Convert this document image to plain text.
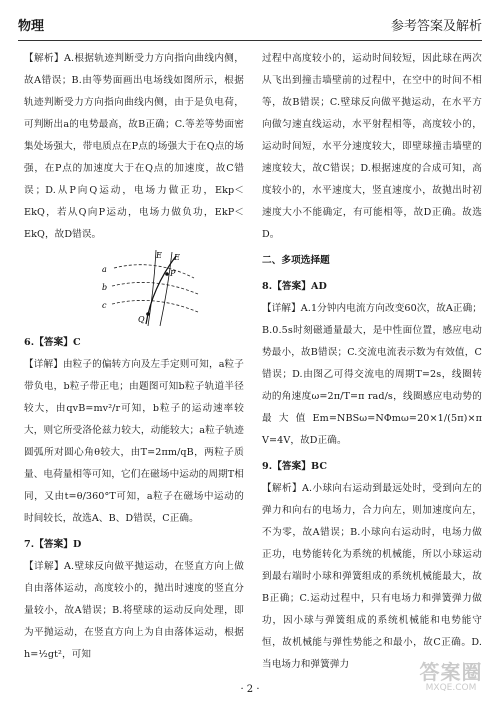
物理	参考答案及解析

【解析】A.根据轨迹判断受力方向指向曲线内侧，故A错误；B.由等势面画出电场线如图所示，根据轨迹判断受力方向指向曲线内侧，由于是负电荷，可判断出a的电势最高，故B正确；C.等差等势面密集处场强大，带电质点在P点的场强大于在Q点的场强，在P点的加速度大于在Q点的加速度，故C错误；D.从P向Q运动，电场力做正功，Ekp＜EkQ，若从Q向P运动，电场力做负功，EkP＜EkQ，故D错误。

a
b
c
E E
P
Q

6.【答案】C

【详解】由粒子的偏转方向及左手定则可知，a粒子带负电，b粒子带正电；由题图可知b粒子轨道半径较大，由qvB=mv²/r可知，b粒子的运动速率较大，则它所受洛伦兹力较大，动能较大；a粒子轨迹圆弧所对圆心角θ较大，由T=2πm/qB，两粒子质量、电荷量相等可知，它们在磁场中运动的周期T相同，又由t=θ/360°T可知，a粒子在磁场中运动的时间较长，故选A、B、D错误，C正确。

7.【答案】D

【详解】A.壁球反向做平抛运动，在竖直方向上做自由落体运动，高度较小的，抛出时速度的竖直分量较小，故A错误；B.将壁球的运动反向处理，即为平抛运动，在竖直方向上为自由落体运动，根据h=½gt²，可知

过程中高度较小的，运动时间较短，因此球在两次从飞出到撞击墙壁前的过程中，在空中的时间不相等，故B错误；C.壁球反向做平抛运动，在水平方向做匀速直线运动，水平射程相等，高度较小的，运动时间短，水平分速度较大，即壁球撞击墙壁的速度较大，故C错误；D.根据速度的合成可知，高度较小的，水平速度大，竖直速度小，故抛出时初速度大小不能确定，有可能相等，故D正确。故选D。

二、多项选择题

8.【答案】AD

【详解】A.1分钟内电流方向改变60次，故A正确；B.0.5s时刻磁通量最大，是中性面位置，感应电动势最小，故B错误；C.交流电流表示数为有效值，C错误；D.由图乙可得交流电的周期T=2s，线圈转动的角速度ω=2π/T=π rad/s，线圈感应电动势的最大值Em=NBSω=NΦmω=20×1/(5π)×π V=4V，故D正确。

9.【答案】BC

【解析】A.小球向右运动到最远处时，受到向左的弹力和向右的电场力，合力向左，则加速度向左，不为零，故A错误；B.小球向右运动时，电场力做正功，电势能转化为系统的机械能，所以小球运动到最右端时小球和弹簧组成的系统机械能最大，故B正确；C.运动过程中，只有电场力和弹簧弹力做功，因小球与弹簧组成的系统机械能和电势能守恒，故机械能与弹性势能之和最小，故C正确。D.当电场力和弹簧弹力

· 2 ·
答案圈
MXQE.COM
